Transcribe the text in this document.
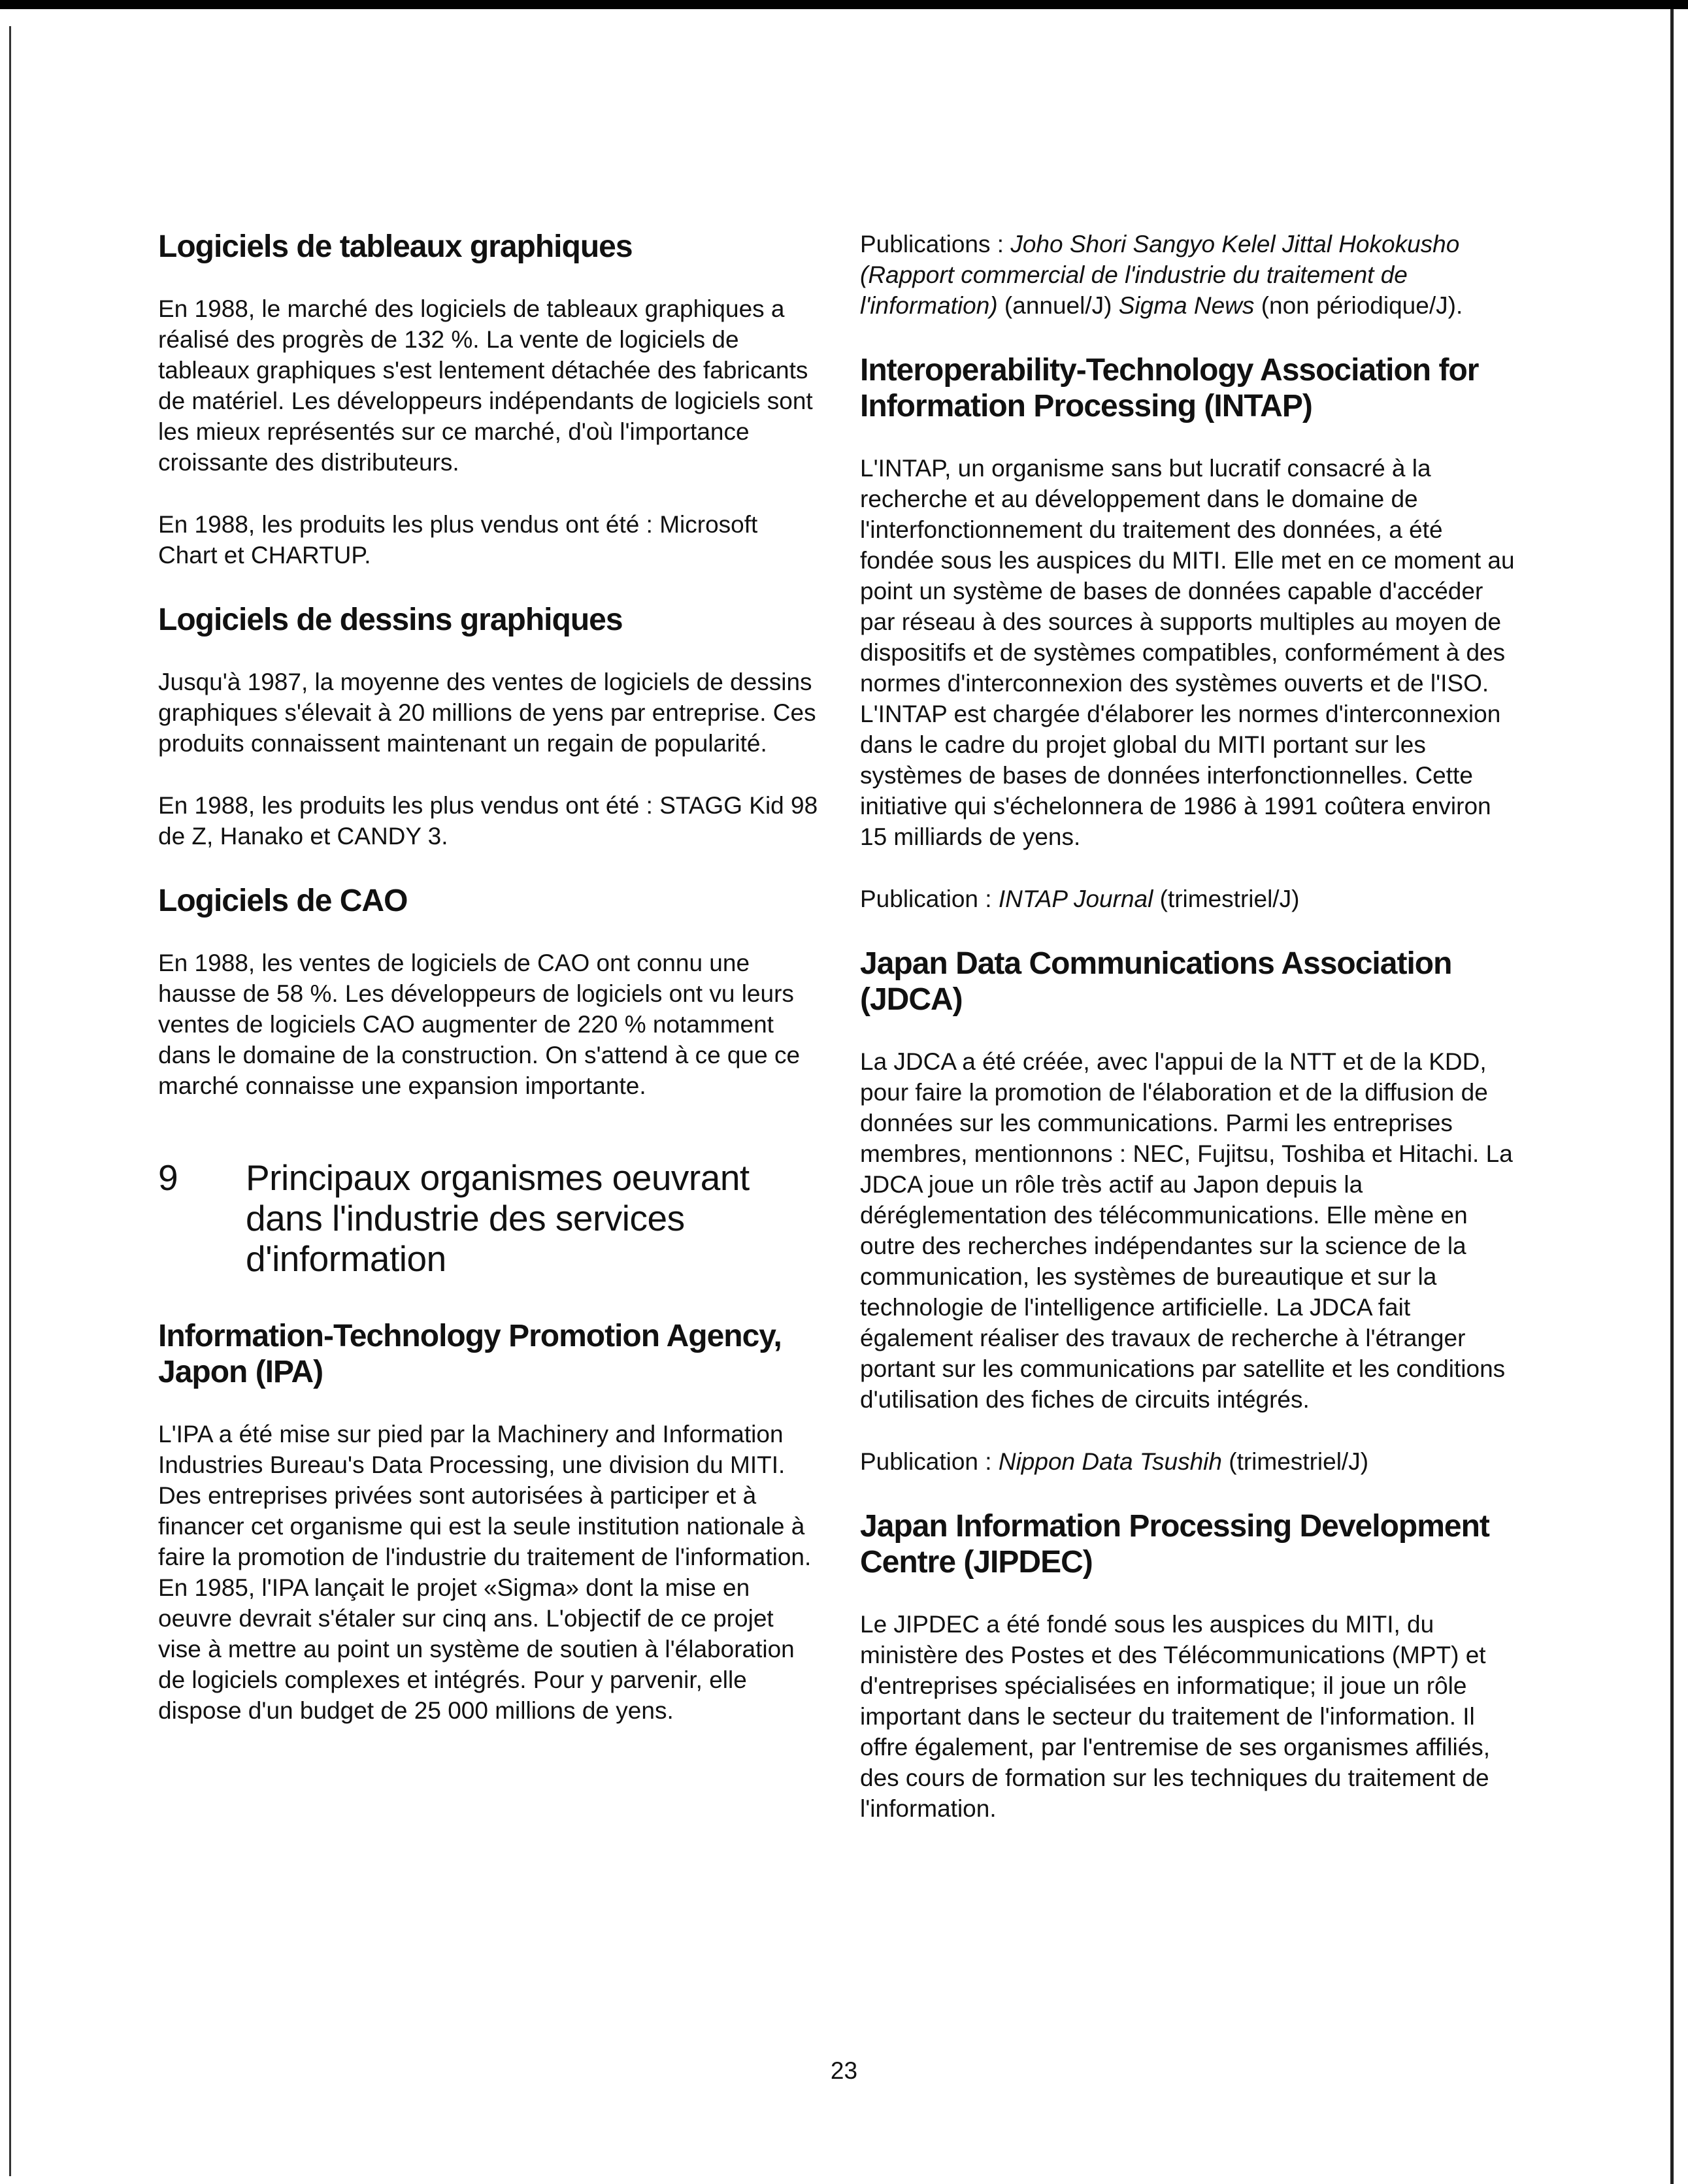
Logiciels de tableaux graphiques

En 1988, le marché des logiciels de tableaux graphiques a réalisé des progrès de 132 %. La vente de logiciels de tableaux graphiques s'est lentement détachée des fabricants de matériel. Les développeurs indépendants de logiciels sont les mieux représentés sur ce marché, d'où l'importance croissante des distributeurs.

En 1988, les produits les plus vendus ont été : Microsoft Chart et CHARTUP.

Logiciels de dessins graphiques

Jusqu'à 1987, la moyenne des ventes de logiciels de dessins graphiques s'élevait à 20 millions de yens par entreprise. Ces produits connaissent maintenant un regain de popularité.

En 1988, les produits les plus vendus ont été : STAGG Kid 98 de Z, Hanako et CANDY 3.

Logiciels de CAO

En 1988, les ventes de logiciels de CAO ont connu une hausse de 58 %. Les développeurs de logiciels ont vu leurs ventes de logiciels CAO augmenter de 220 % notamment dans le domaine de la construction. On s'attend à ce que ce marché connaisse une expansion importante.

9 Principaux organismes oeuvrant dans l'industrie des services d'information
Information-Technology Promotion Agency, Japon (IPA)

L'IPA a été mise sur pied par la Machinery and Information Industries Bureau's Data Processing, une division du MITI. Des entreprises privées sont autorisées à participer et à financer cet organisme qui est la seule institution nationale à faire la promotion de l'industrie du traitement de l'information. En 1985, l'IPA lançait le projet «Sigma» dont la mise en oeuvre devrait s'étaler sur cinq ans. L'objectif de ce projet vise à mettre au point un système de soutien à l'élaboration de logiciels complexes et intégrés. Pour y parvenir, elle dispose d'un budget de 25 000 millions de yens.

Publications : Joho Shori Sangyo Kelel Jittal Hokokusho (Rapport commercial de l'industrie du traitement de l'information) (annuel/J) Sigma News (non périodique/J).

Interoperability-Technology Association for Information Processing (INTAP)

L'INTAP, un organisme sans but lucratif consacré à la recherche et au développement dans le domaine de l'interfonctionnement du traitement des données, a été fondée sous les auspices du MITI. Elle met en ce moment au point un système de bases de données capable d'accéder par réseau à des sources à supports multiples au moyen de dispositifs et de systèmes compatibles, conformément à des normes d'interconnexion des systèmes ouverts et de l'ISO. L'INTAP est chargée d'élaborer les normes d'interconnexion dans le cadre du projet global du MITI portant sur les systèmes de bases de données interfonctionnelles. Cette initiative qui s'échelonnera de 1986 à 1991 coûtera environ 15 milliards de yens.

Publication : INTAP Journal (trimestriel/J)

Japan Data Communications Association (JDCA)

La JDCA a été créée, avec l'appui de la NTT et de la KDD, pour faire la promotion de l'élaboration et de la diffusion de données sur les communications. Parmi les entreprises membres, mentionnons : NEC, Fujitsu, Toshiba et Hitachi. La JDCA joue un rôle très actif au Japon depuis la déréglementation des télécommunications. Elle mène en outre des recherches indépendantes sur la science de la communication, les systèmes de bureautique et sur la technologie de l'intelligence artificielle. La JDCA fait également réaliser des travaux de recherche à l'étranger portant sur les communications par satellite et les conditions d'utilisation des fiches de circuits intégrés.

Publication : Nippon Data Tsushih (trimestriel/J)

Japan Information Processing Development Centre (JIPDEC)

Le JIPDEC a été fondé sous les auspices du MITI, du ministère des Postes et des Télécommunications (MPT) et d'entreprises spécialisées en informatique; il joue un rôle important dans le secteur du traitement de l'information. Il offre également, par l'entremise de ses organismes affiliés, des cours de formation sur les techniques du traitement de l'information.

23
